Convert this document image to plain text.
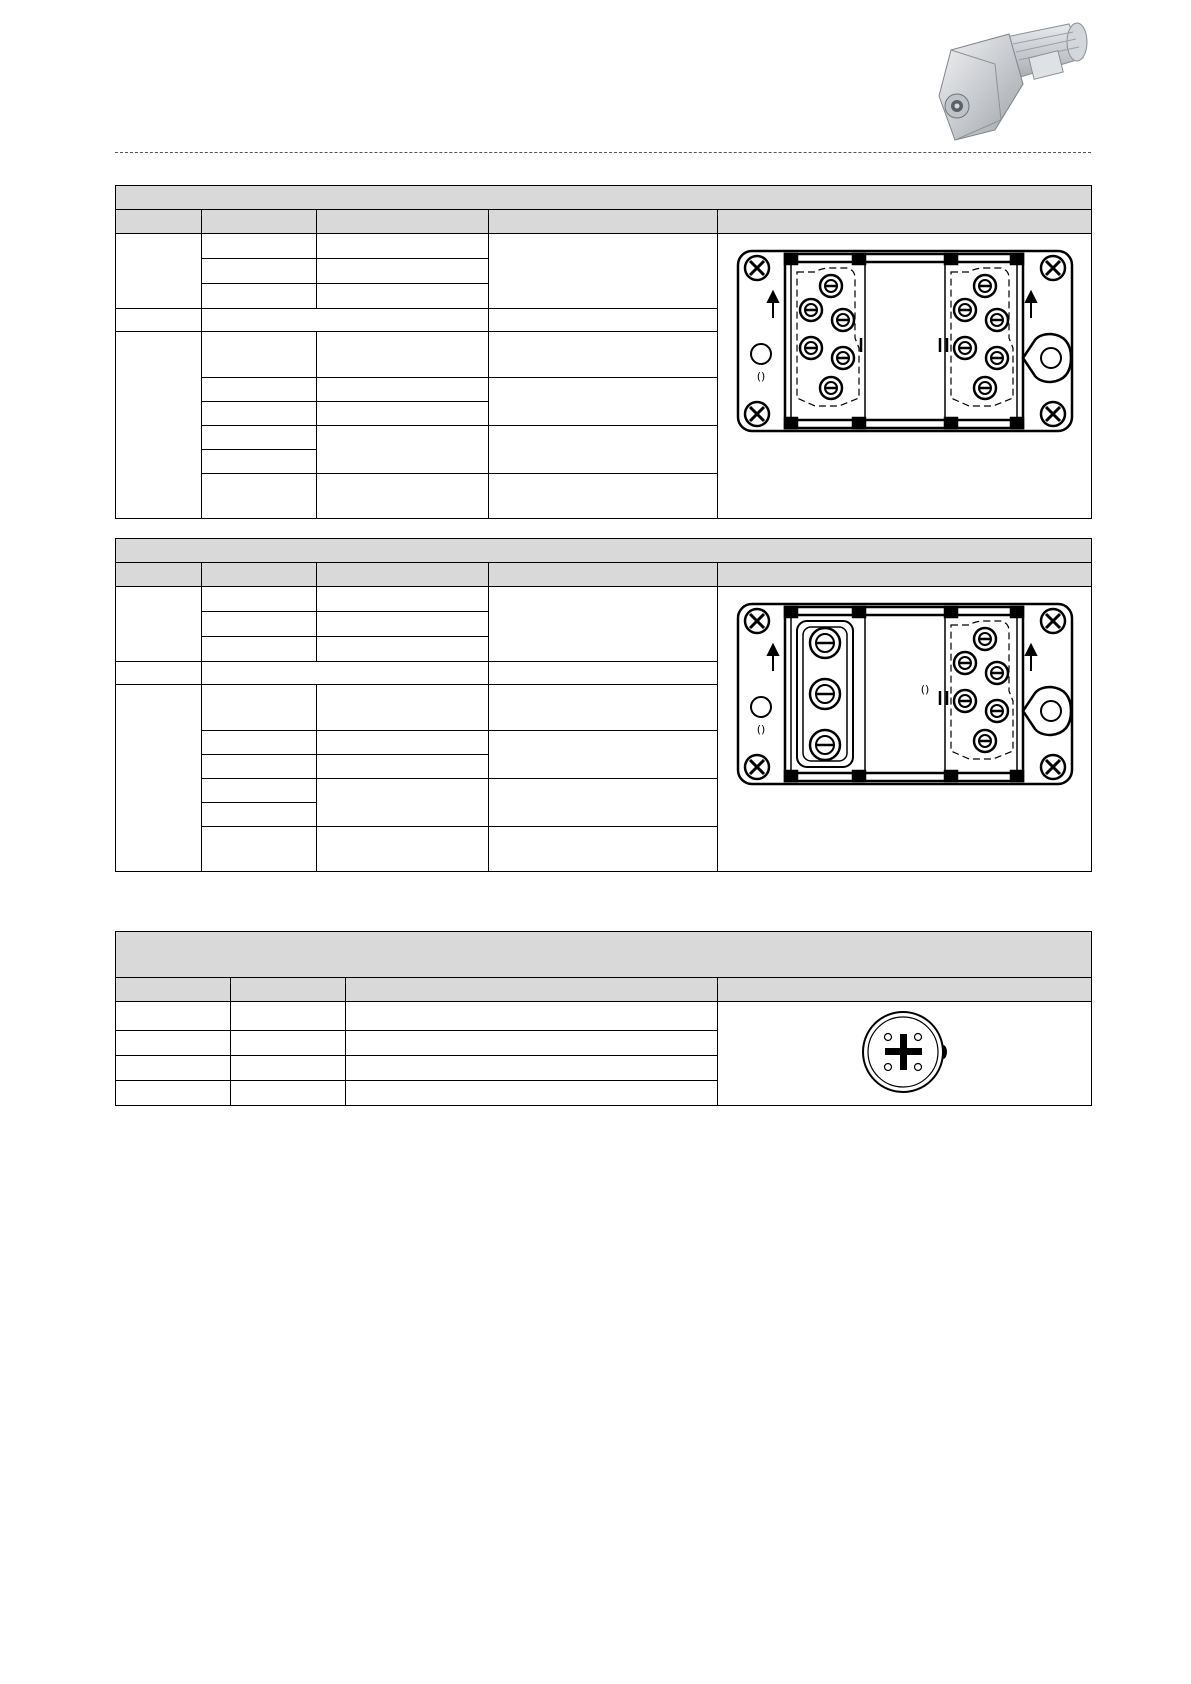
()

()
()
